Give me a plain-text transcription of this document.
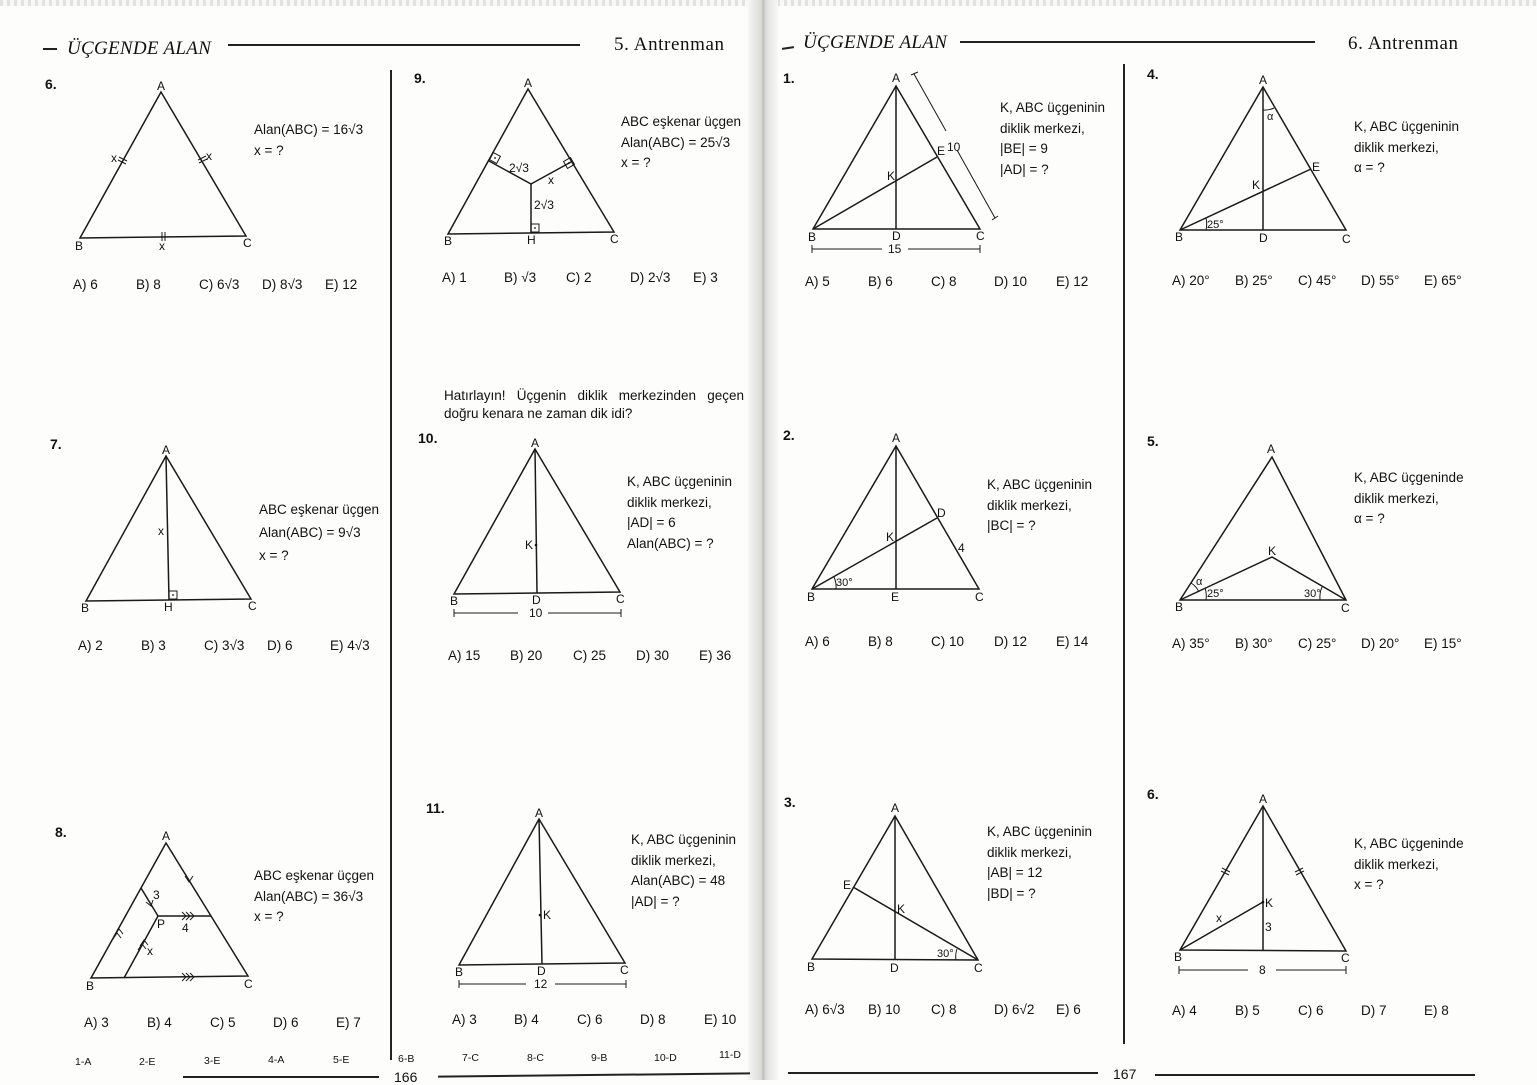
ÜÇGENDE ALAN	5. Antrenman
6.	A
B	C
x	x
x
Alan(ABC) = 16√3
x = ?
A) 6	B) 8	C) 6√3 D) 8√3 E) 12
7.	A
B	C
H
x
ABC eşkenar üçgen
Alan(ABC) = 9√3
x = ?
A) 2	B) 3	C) 3√3 D) 6	E) 4√3
8.	A
B	C
P
3
4
x
ABC eşkenar üçgen
Alan(ABC) = 36√3
x = ?
A) 3	B) 4	C) 5	D) 6	E) 7
9.	A
B	C
H
2√3
2√3
x
ABC eşkenar üçgen
Alan(ABC) = 25√3
x = ?
A) 1	B) √3 C) 2	D) 2√3 E) 3
Hatırlayın! Üçgenin diklik merkezinden geçen doğru kenara ne zaman dik idi?
10.	A
B	C
D
K
10
K, ABC üçgeninin
diklik merkezi,
|AD| = 6
Alan(ABC) = ?
A) 15 B) 20 C) 25 D) 30 E) 36
11.	A
B	C
D
K
12
K, ABC üçgeninin
diklik merkezi,
Alan(ABC) = 48
|AD| = ?
A) 3	B) 4	C) 6	D) 8	E) 10
1-A	2-E	3-E	4-A	5-E	6-B	7-C	8-C	9-B	10-D	11-D
166
ÜÇGENDE ALAN	6. Antrenman
1.	A
B	C
D
E 10
K
15
K, ABC üçgeninin
diklik merkezi,
|BE| = 9
|AD| = ?
A) 5	B) 6	C) 8	D) 10 E) 12
2.	A
B	C
E
D
K
4
30°
K, ABC üçgeninin
diklik merkezi,
|BC| = ?
A) 6	B) 8	C) 10 D) 12 E) 14
3.	A
B	C
D
E
K
30°
K, ABC üçgeninin
diklik merkezi,
|AB| = 12
|BD| = ?
A) 6√3 B) 10 C) 8	D) 6√2 E) 6
167
4.	A
B	C
D
E
K
α
25°
K, ABC üçgeninin
diklik merkezi,
α = ?
A) 20° B) 25° C) 45° D) 55° E) 65°
5.	A
B	C
K
α
25°	30°
K, ABC üçgeninde
diklik merkezi,
α = ?
A) 35° B) 30° C) 25° D) 20° E) 15°
6.	A
B	C
K
x
3
8
K, ABC üçgeninde
diklik merkezi,
x = ?
A) 4	B) 5	C) 6	D) 7	E) 8
